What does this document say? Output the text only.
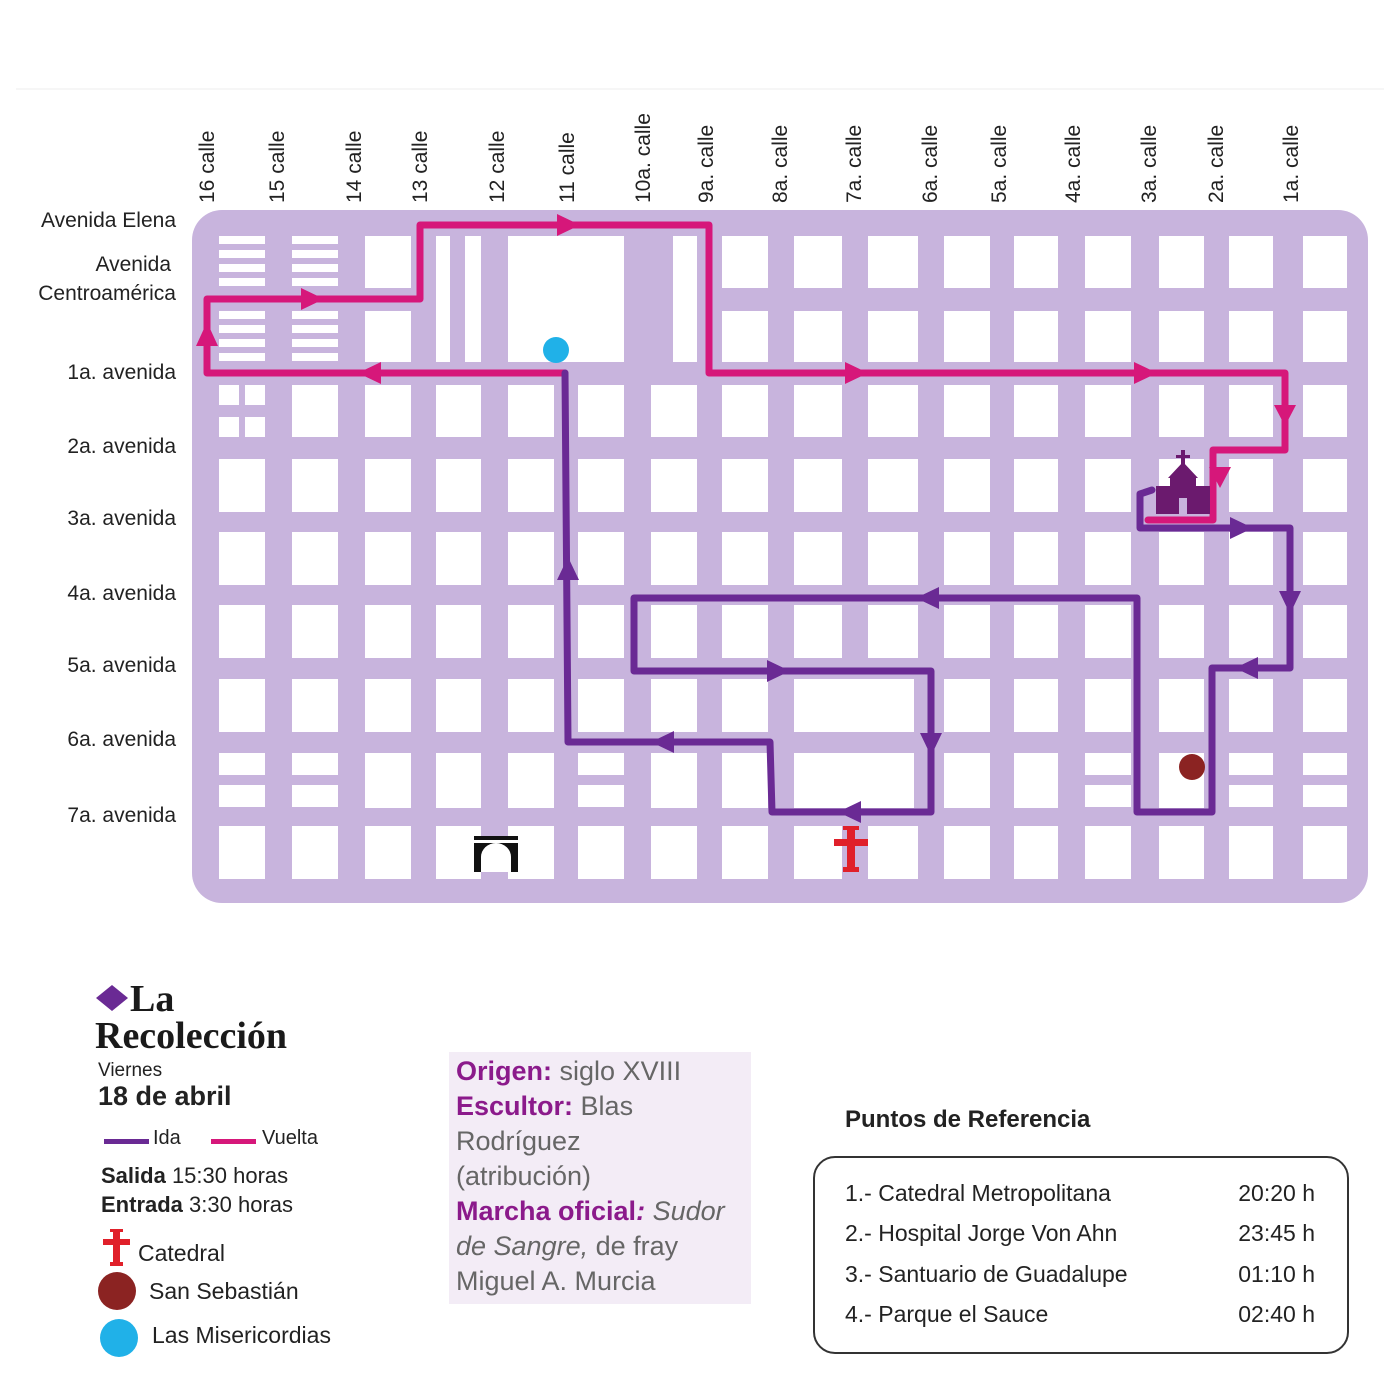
16 calle 15 calle	14 calle 13 calle	12 calle 11 calle	10a. calle 9a. calle 8a. calle 7a. calle	6a. calle 5a. calle 4a. calle	3a. calle 2a. calle 1a. calle
Avenida Elena
Avenida
Centroamérica
1a. avenida
2a. avenida
3a. avenida
4a. avenida
5a. avenida
6a. avenida
7a. avenida
La
Recolección
Viernes
18 de abril
Ida	Vuelta
Salida 15:30 horas
Entrada 3:30 horas
Catedral
San Sebastián
Las Misericordias
Origen: siglo XVIII
Escultor: Blas
Rodríguez
(atribución)
Marcha oficial: Sudor
de Sangre, de fray
Miguel A. Murcia
Puntos de Referencia
1.- Catedral Metropolitana	20:20 h
2.- Hospital Jorge Von Ahn	23:45 h
3.- Santuario de Guadalupe	01:10 h
4.- Parque el Sauce	02:40 h
